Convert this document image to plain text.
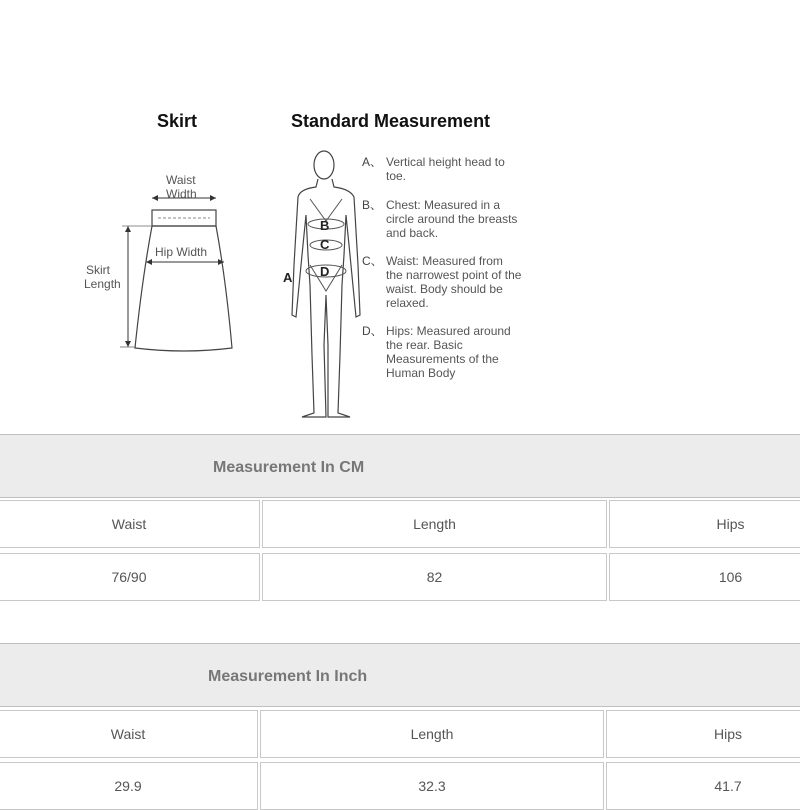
Skirt
Waist
Width
Hip Width
Skirt
Length
Standard Measurement
B
C
D
A
A、 Vertical height head to toe.
B、 Chest: Measured in a circle around the breasts and back.
C、 Waist: Measured from the narrowest point of the waist. Body should be relaxed.
D、 Hips: Measured around the rear. Basic Measurements of the Human Body
Measurement In CM
Waist	Length	Hips
76/90	82	106
Measurement In Inch
Waist	Length	Hips
29.9	32.3	41.7
